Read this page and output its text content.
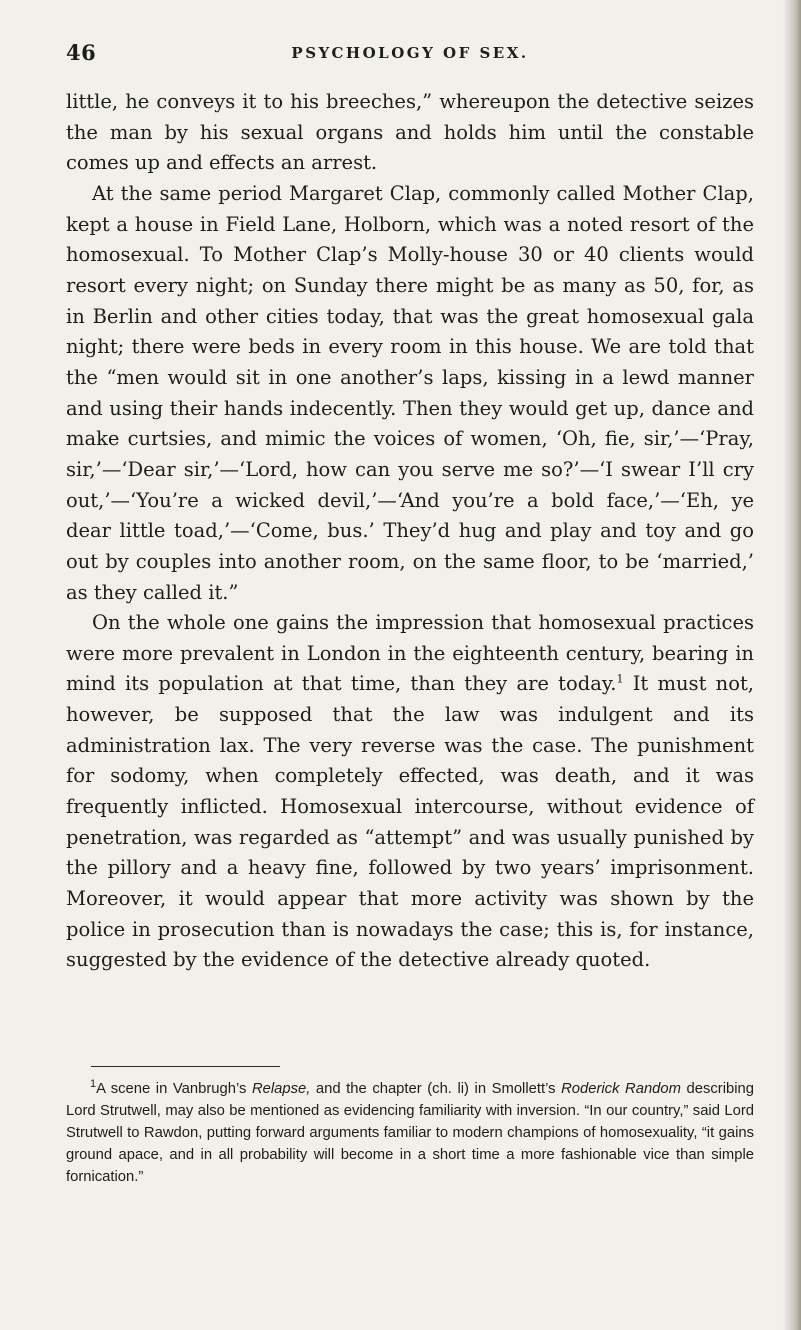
46	PSYCHOLOGY OF SEX.

little, he conveys it to his breeches,” whereupon the detective seizes the man by his sexual organs and holds him until the constable comes up and effects an arrest.

At the same period Margaret Clap, commonly called Mother Clap, kept a house in Field Lane, Holborn, which was a noted resort of the homosexual. To Mother Clap’s Molly-house 30 or 40 clients would resort every night; on Sunday there might be as many as 50, for, as in Berlin and other cities today, that was the great homosexual gala night; there were beds in every room in this house. We are told that the “men would sit in one another’s laps, kissing in a lewd manner and using their hands indecently. Then they would get up, dance and make curtsies, and mimic the voices of women, ‘Oh, fie, sir,’—‘Pray, sir,’—‘Dear sir,’—‘Lord, how can you serve me so?’—‘I swear I’ll cry out,’—‘You’re a wicked devil,’—‘And you’re a bold face,’—‘Eh, ye dear little toad,’—‘Come, bus.’ They’d hug and play and toy and go out by couples into another room, on the same floor, to be ‘married,’ as they called it.”

On the whole one gains the impression that homosexual practices were more prevalent in London in the eighteenth century, bearing in mind its population at that time, than they are today.$^1$ It must not, however, be supposed that the law was indulgent and its administration lax. The very reverse was the case. The punishment for sodomy, when completely effected, was death, and it was frequently inflicted. Homosexual intercourse, without evidence of penetration, was regarded as “attempt” and was usually punished by the pillory and a heavy fine, followed by two years’ imprisonment. Moreover, it would appear that more activity was shown by the police in prosecution than is nowadays the case; this is, for instance, suggested by the evidence of the detective already quoted.

$^1$A scene in Vanbrugh’s Relapse, and the chapter (ch. li) in Smollett’s Roderick Random describing Lord Strutwell, may also be mentioned as evidencing familiarity with inversion. “In our country,” said Lord Strutwell to Rawdon, putting forward arguments familiar to modern champions of homosexuality, “it gains ground apace, and in all probability will become in a short time a more fashionable vice than simple fornication.”
